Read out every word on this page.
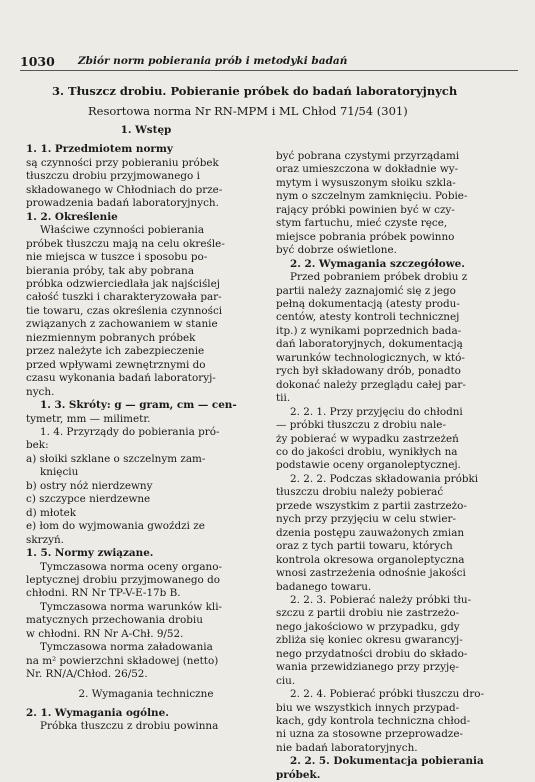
1030 Zbiór norm pobierania prób i metodyki badań
3. Tłuszcz drobiu. Pobieranie próbek do badań laboratoryjnych
Resortowa norma Nr RN-MPM i ML Chłod 71/54 (301)

1. Wstęp

1. 1. Przedmiotem normy

są czynności przy pobieraniu próbek

tłuszczu drobiu przyjmowanego i

składowanego w Chłodniach do prze-

prowadzenia badań laboratoryjnych.

1. 2. Określenie

Właściwe czynności pobierania

próbek tłuszczu mają na celu określe-

nie miejsca w tuszce i sposobu po-

bierania próby, tak aby pobrana

próbka odzwierciedlała jak najściślej

całość tuszki i charakteryzowała par-

tie towaru, czas określenia czynności

związanych z zachowaniem w stanie

niezmiennym pobranych próbek

przez należyte ich zabezpieczenie

przed wpływami zewnętrznymi do

czasu wykonania badań laboratoryj-

nych.

1. 3. Skróty: g — gram, cm — cen-

tymetr, mm — milimetr.

1. 4. Przyrządy do pobierania pró-

bek:

a) słoiki szklane o szczelnym zam-

knięciu

b) ostry nóż nierdzewny

c) szczypce nierdzewne

d) młotek

e) łom do wyjmowania gwoździ ze

skrzyń.

1. 5. Normy związane.

Tymczasowa norma oceny organo-

leptycznej drobiu przyjmowanego do

chłodni. RN Nr TP-V-E-17b B.

Tymczasowa norma warunków kli-

matycznych przechowania drobiu

w chłodni. RN Nr A-Chł. 9/52.

Tymczasowa norma załadowania

na m² powierzchni składowej (netto)

Nr. RN/A/Chłod. 26/52.

2. Wymagania techniczne

2. 1. Wymagania ogólne.

Próbka tłuszczu z drobiu powinna

być pobrana czystymi przyrządami

oraz umieszczona w dokładnie wy-

mytym i wysuszonym słoiku szkla-

nym o szczelnym zamknięciu. Pobie-

rający próbki powinien być w czy-

stym fartuchu, mieć czyste ręce,

miejsce pobrania próbek powinno

być dobrze oświetlone.

2. 2. Wymagania szczegółowe.

Przed pobraniem próbek drobiu z

partii należy zaznajomić się z jego

pełną dokumentacją (atesty produ-

centów, atesty kontroli technicznej

itp.) z wynikami poprzednich bada-

dań laboratoryjnych, dokumentacją

warunków technologicznych, w któ-

rych był składowany drób, ponadto

dokonać należy przeglądu całej par-

tii.

2. 2. 1. Przy przyjęciu do chłodni

— próbki tłuszczu z drobiu nale-

ży pobierać w wypadku zastrzeżeń

co do jakości drobiu, wynikłych na

podstawie oceny organoleptycznej.

2. 2. 2. Podczas składowania próbki

tłuszczu drobiu należy pobierać

przede wszystkim z partii zastrzeżo-

nych przy przyjęciu w celu stwier-

dzenia postępu zauważonych zmian

oraz z tych partii towaru, których

kontrola okresowa organoleptyczna

wnosi zastrzeżenia odnośnie jakości

badanego towaru.

2. 2. 3. Pobierać należy próbki tłu-

szczu z partii drobiu nie zastrzeżo-

nego jakościowo w przypadku, gdy

zbliża się koniec okresu gwarancyj-

nego przydatności drobiu do składo-

wania przewidzianego przy przyję-

ciu.

2. 2. 4. Pobierać próbki tłuszczu dro-

biu we wszystkich innych przypad-

kach, gdy kontrola techniczna chłod-

ni uzna za stosowne przeprowadze-

nie badań laboratoryjnych.

2. 2. 5. Dokumentacja pobierania

próbek.
